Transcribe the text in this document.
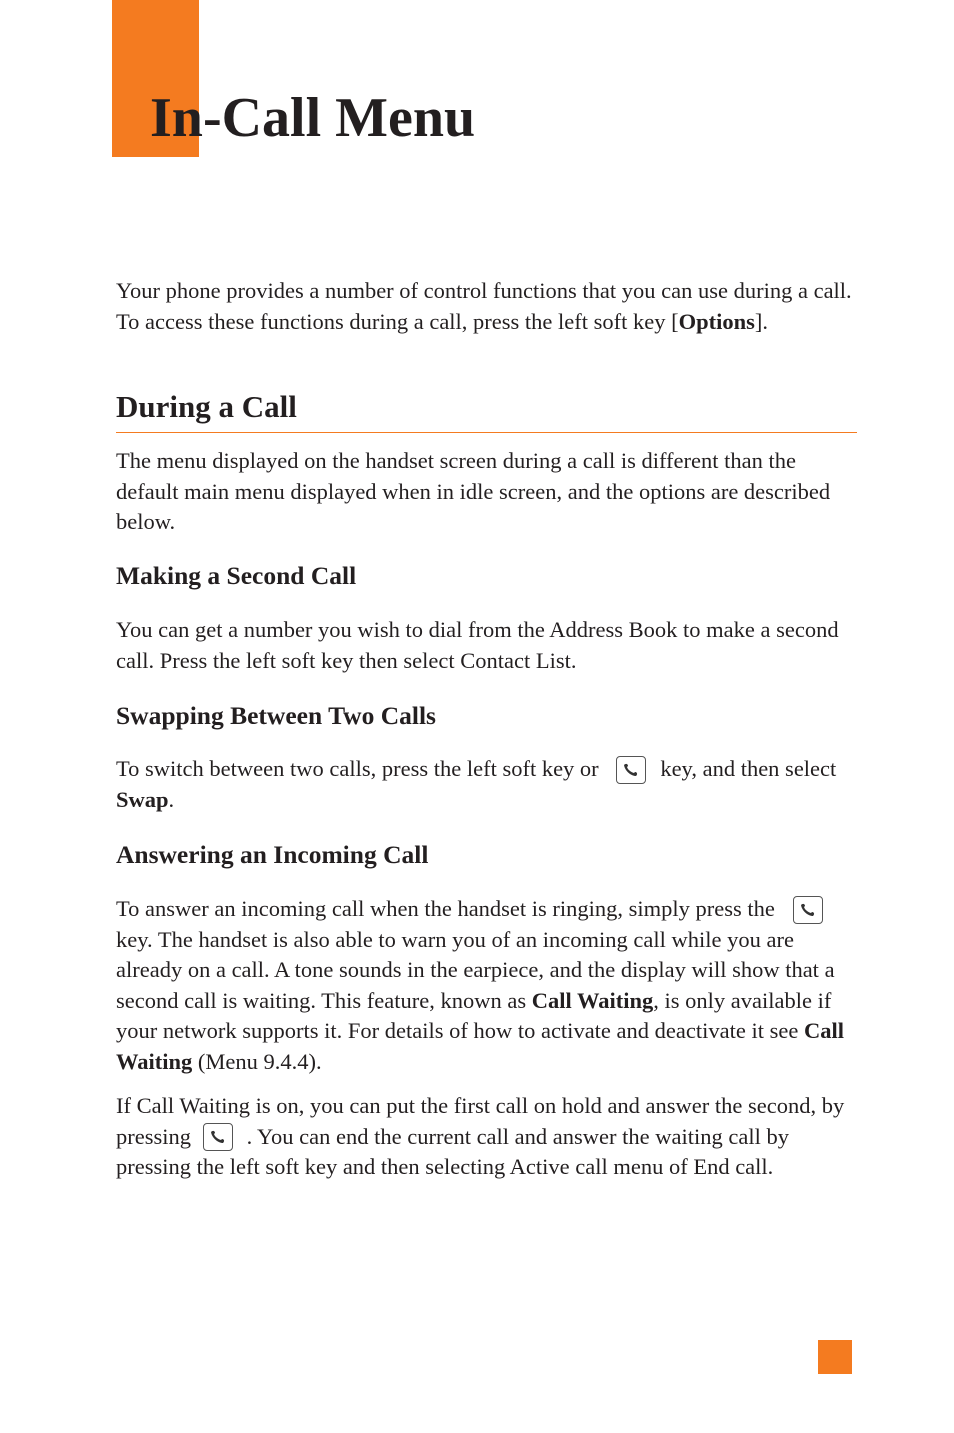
In-Call Menu

Your phone provides a number of control functions that you can use during a call. To access these functions during a call, press the left soft key [Options].

During a Call

The menu displayed on the handset screen during a call is different than the default main menu displayed when in idle screen, and the options are described below.

Making a Second Call

You can get a number you wish to dial from the Address Book to make a second call. Press the left soft key then select Contact List.

Swapping Between Two Calls

To switch between two calls, press the left soft key or	key, and then select Swap.

Answering an Incoming Call

To answer an incoming call when the handset is ringing, simply press the
key. The handset is also able to warn you of an incoming call while you are already on a call. A tone sounds in the earpiece, and the display will show that a second call is waiting. This feature, known as Call Waiting, is only available if your network supports it. For details of how to activate and deactivate it see Call Waiting (Menu 9.4.4).

If Call Waiting is on, you can put the first call on hold and answer the second, by pressing . You can end the current call and answer the waiting call by pressing the left soft key and then selecting Active call menu of End call.
